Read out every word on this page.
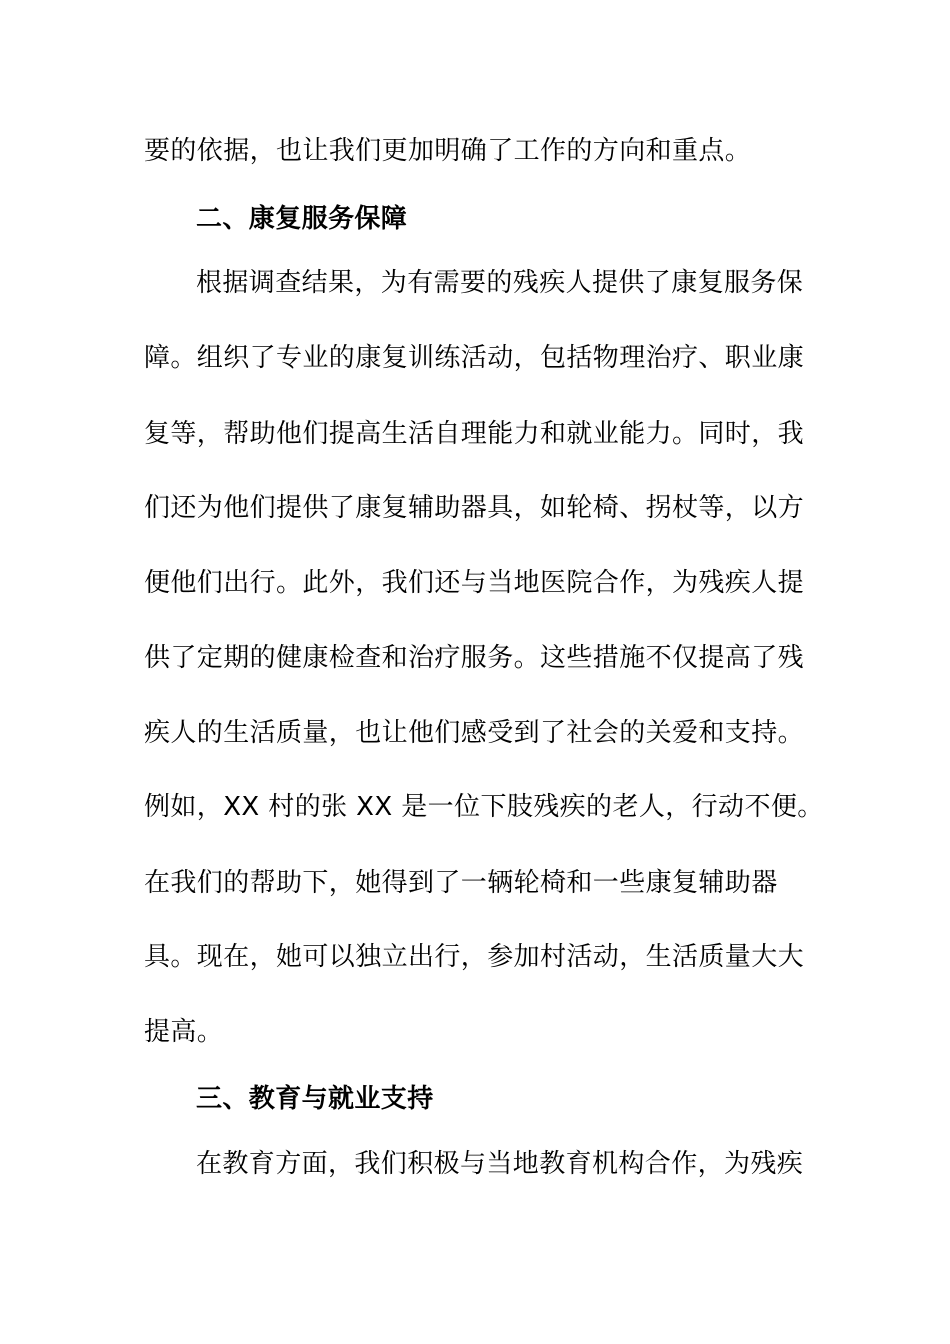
要的依据，也让我们更加明确了工作的方向和重点。
二、康复服务保障
根据调查结果，为有需要的残疾人提供了康复服务保
障。组织了专业的康复训练活动，包括物理治疗、职业康
复等，帮助他们提高生活自理能力和就业能力。同时，我
们还为他们提供了康复辅助器具，如轮椅、拐杖等，以方
便他们出行。此外，我们还与当地医院合作，为残疾人提
供了定期的健康检查和治疗服务。这些措施不仅提高了残
疾人的生活质量，也让他们感受到了社会的关爱和支持。
例如，XX 村的张 XX 是一位下肢残疾的老人，行动不便。
在我们的帮助下，她得到了一辆轮椅和一些康复辅助器
具。现在，她可以独立出行，参加村活动，生活质量大大
提高。
三、教育与就业支持
在教育方面，我们积极与当地教育机构合作，为残疾
